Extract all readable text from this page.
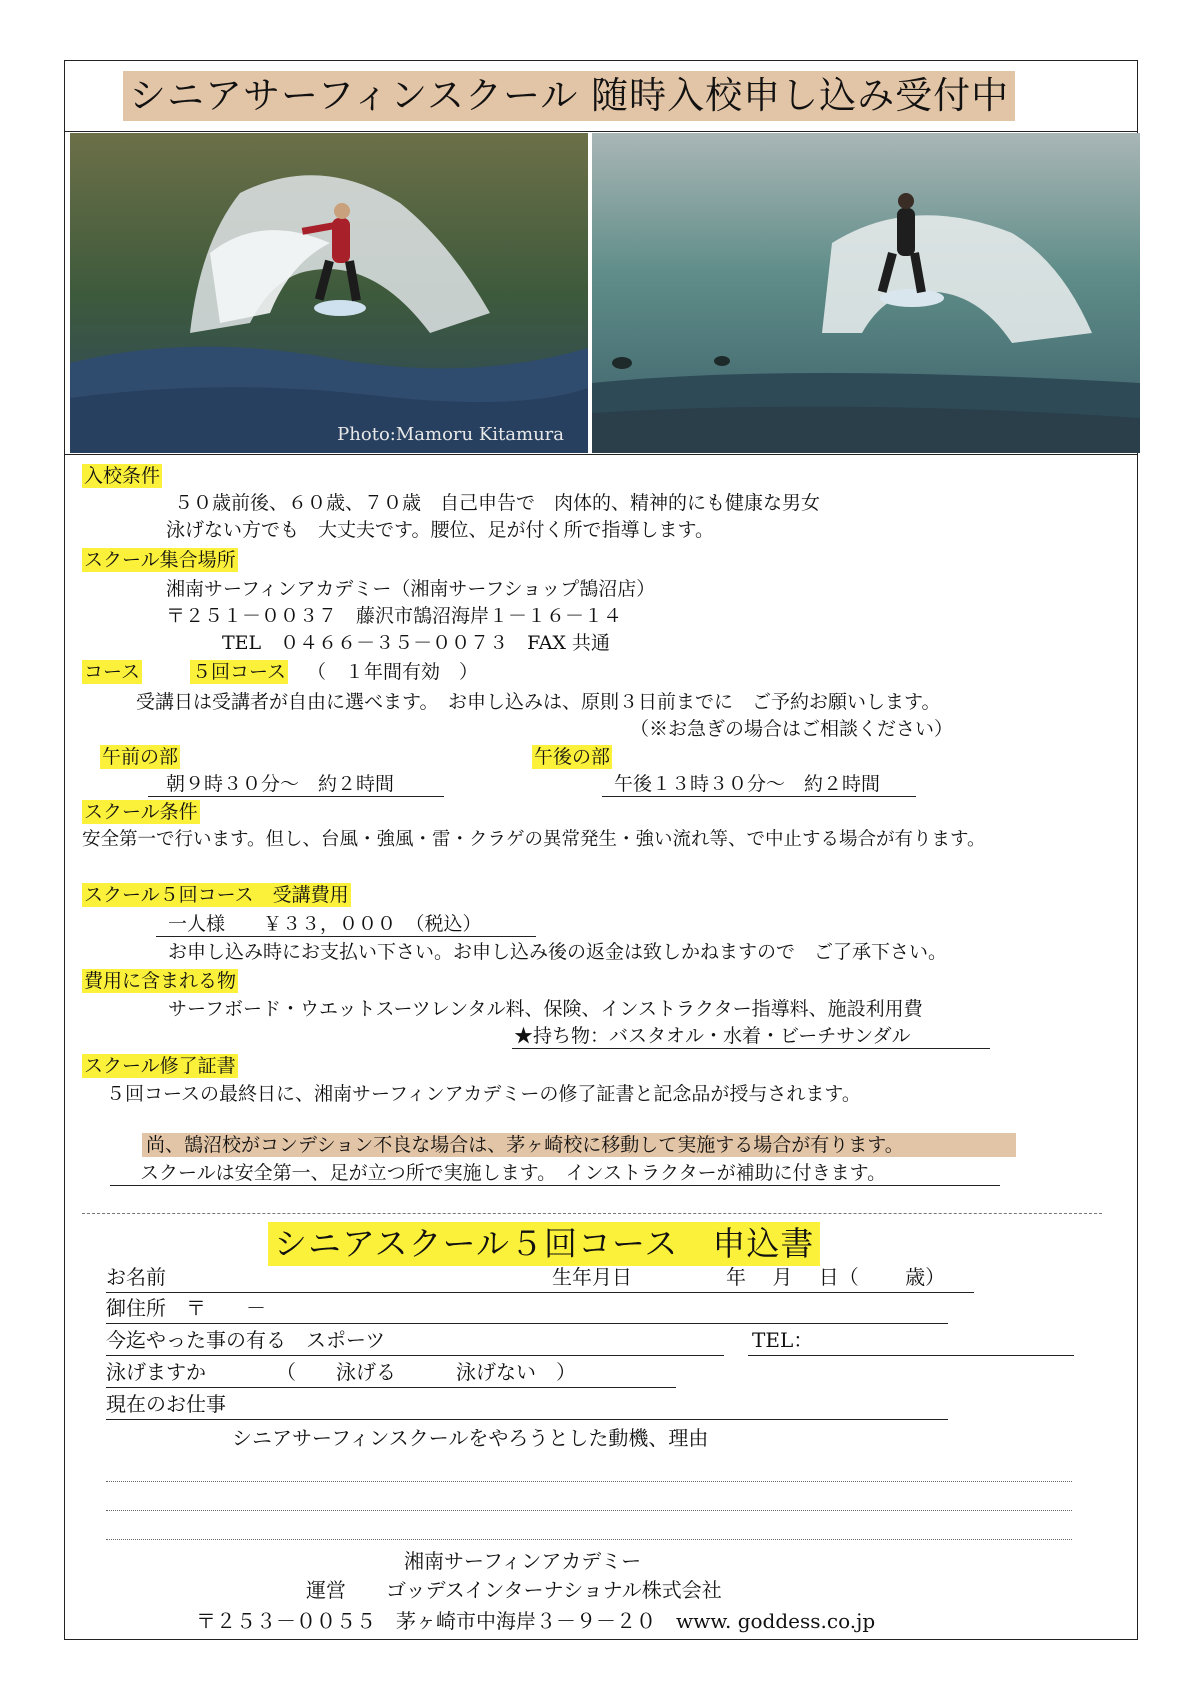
シニアサーフィンスクール 随時入校申し込み受付中
Photo:Mamoru Kitamura
入校条件
５０歳前後、６０歳、７０歳　自己申告で　肉体的、精神的にも健康な男女
泳げない方でも　大丈夫です。腰位、足が付く所で指導します。
スクール集合場所
湘南サーフィンアカデミー（湘南サーフショップ鵠沼店）
〒２５１－００３７　藤沢市鵠沼海岸１－１６－１４
TEL　０４６６－３５－００７３　FAX 共通
コース	５回コース （　１年間有効　）
受講日は受講者が自由に選べます。　お申し込みは、原則３日前までに　ご予約お願いします。
（※お急ぎの場合はご相談ください）
午前の部	午後の部
朝９時３０分～　約２時間	午後１３時３０分～　約２時間
スクール条件
安全第一で行います。但し、台風・強風・雷・クラゲの異常発生・強い流れ等、で中止する場合が有ります。
スクール５回コース　受講費用
一人様　　￥３３，０００　（税込）
お申し込み時にお支払い下さい。お申し込み後の返金は致しかねますので　ご了承下さい。
費用に含まれる物
サーフボード・ウエットスーツレンタル料、保険、インストラクター指導料、施設利用費
★持ち物：バスタオル・水着・ビーチサンダル
スクール修了証書
５回コースの最終日に、湘南サーフィンアカデミーの修了証書と記念品が授与されます。
尚、鵠沼校がコンデション不良な場合は、茅ヶ崎校に移動して実施する場合が有ります。
スクールは安全第一、足が立つ所で実施します。　インストラクターが補助に付きます。
シニアスクール５回コース　申込書
お名前	生年月日	年　 月　 日（　　 歳）
御住所　〒　　－
今迄やった事の有る　スポーツ	TEL：
泳げますか　　　　（　　泳げる　　　泳げない　）
現在のお仕事
シニアサーフィンスクールをやろうとした動機、理由
湘南サーフィンアカデミー
運営　　ゴッデスインターナショナル株式会社
〒２５３－００５５　茅ヶ崎市中海岸３－９－２０　www. goddess.co.jp
